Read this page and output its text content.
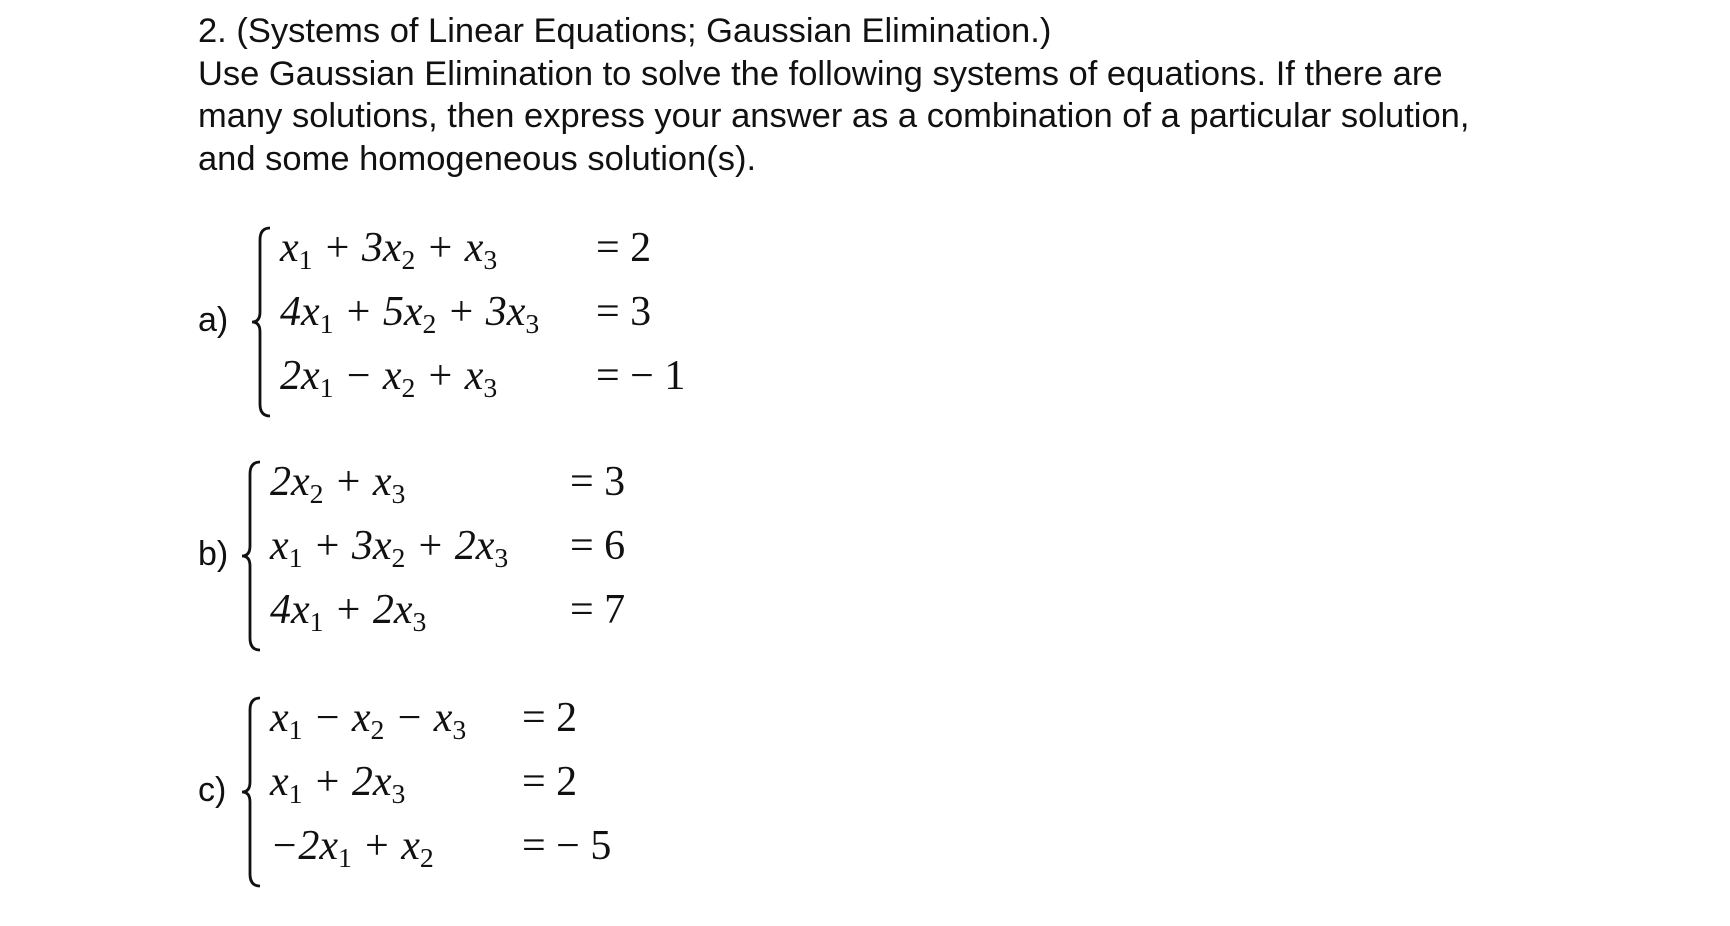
2. (Systems of Linear Equations; Gaussian Elimination.)
Use Gaussian Elimination to solve the following systems of equations. If there are
many solutions, then express your answer as a combination of a particular solution,
and some homogeneous solution(s).
a)
$x_1 + 3x_2 + x_3 = 2$
$4x_1 + 5x_2 + 3x_3 = 3$
$2x_1 - x_2 + x_3$ = − 1
b)
$2x_2 + x_3$	= 3
$x_1 + 3x_2 + 2x_3 = 6$
$4x_1 + 2x_3$	= 7
c)
$x_1 - x_2 - x_3 = 2$
$x_1 + 2x_3$	= 2
$-2x_1 + x_2$ = − 5
